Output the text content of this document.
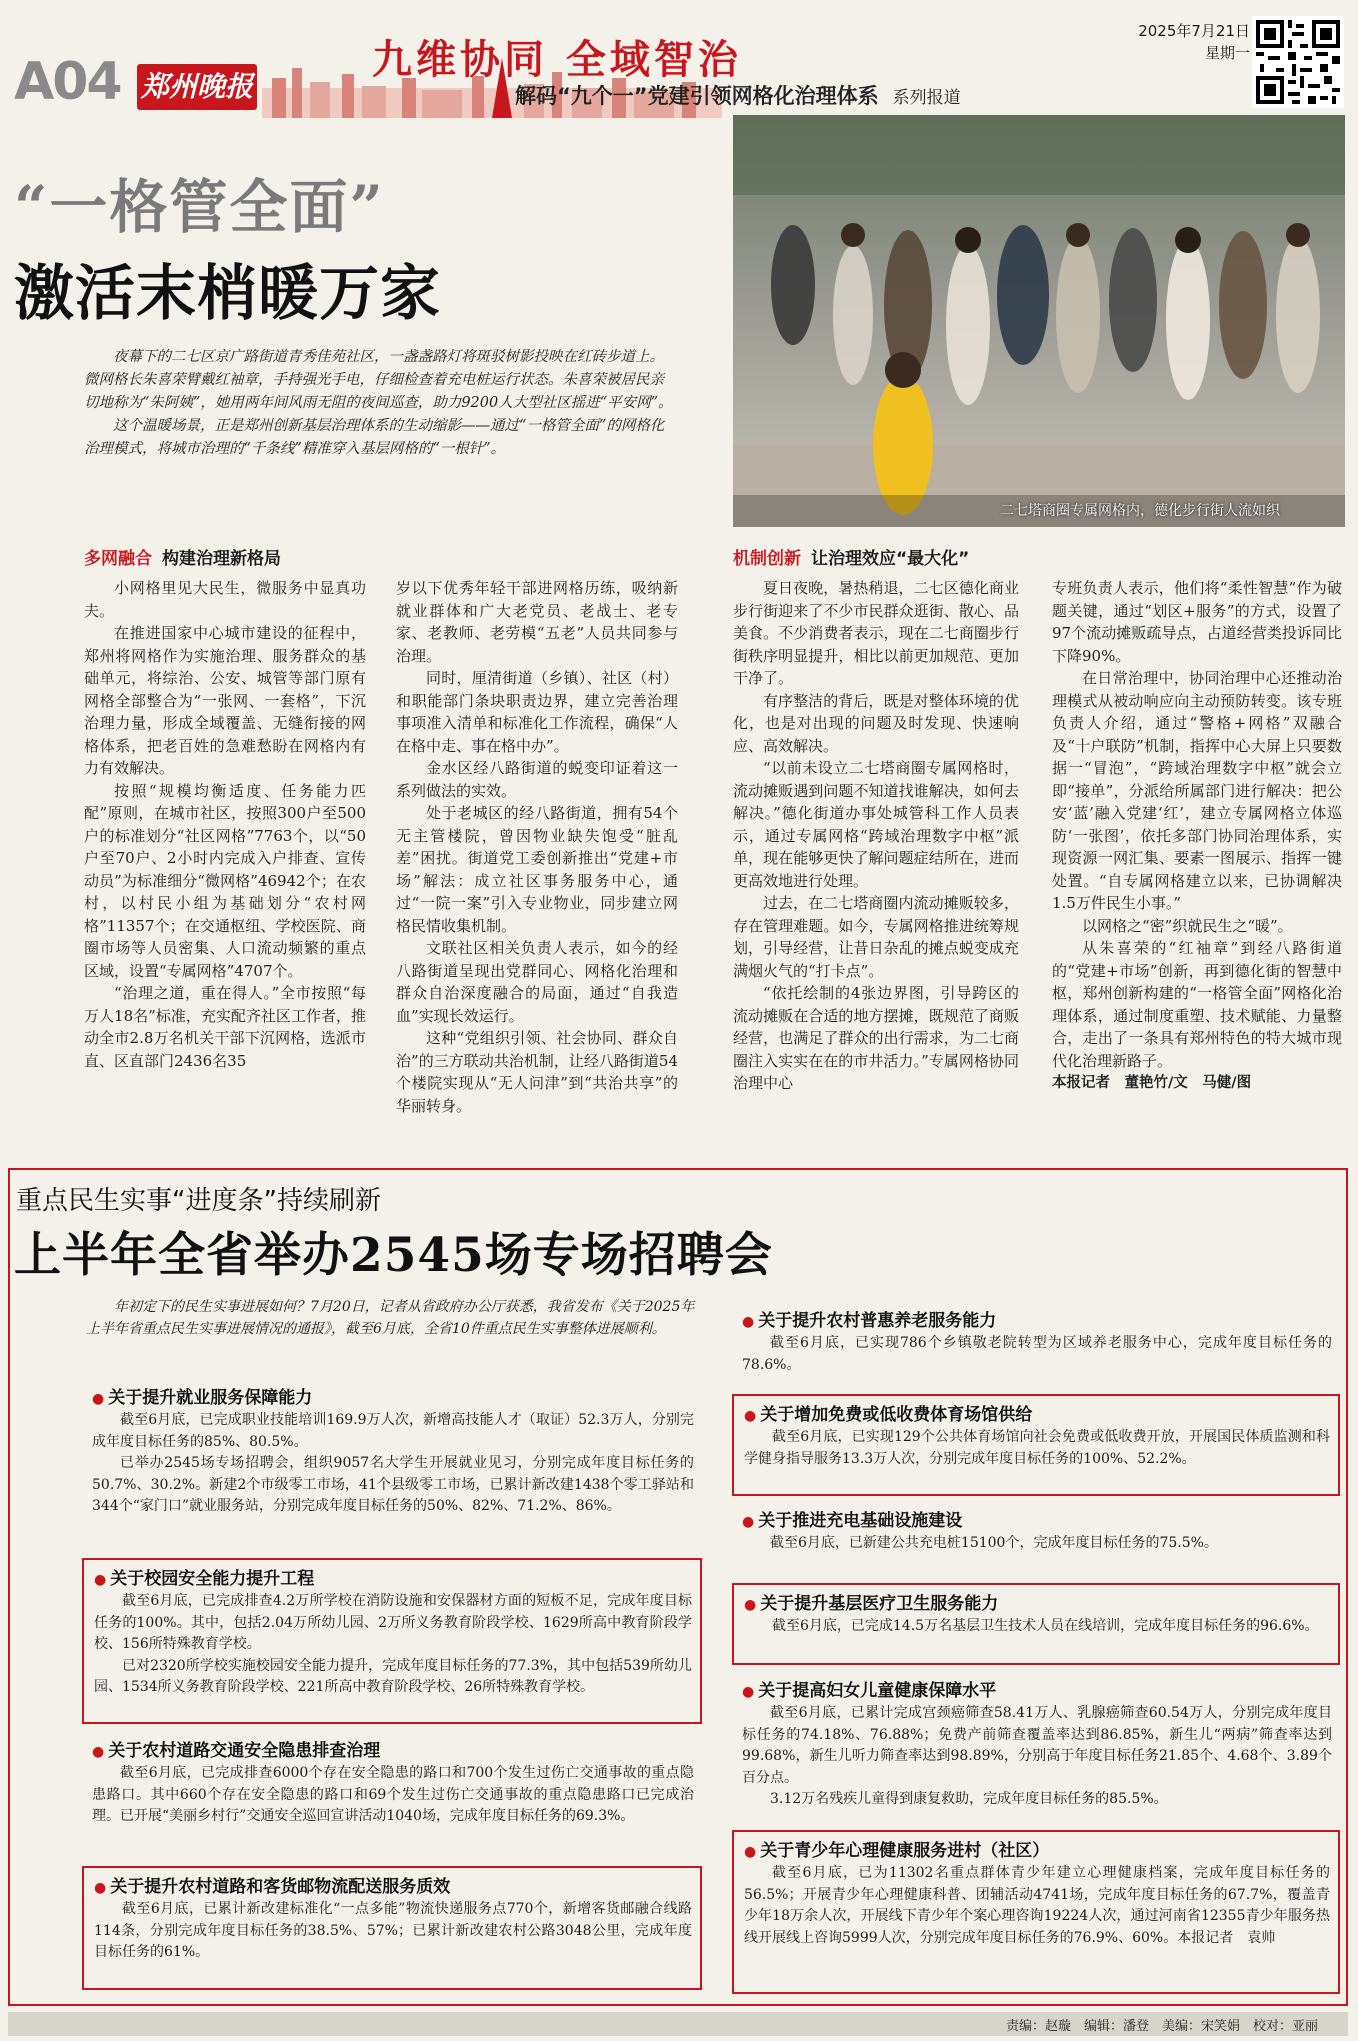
A04 郑州晚报
九维协同 全域智治
解码“九个一”党建引领网格化治理体系 系列报道
2025年7月21日
星期一
“一格管全面”
激活末梢暖万家

夜幕下的二七区京广路街道青秀佳苑社区，一盏盏路灯将斑驳树影投映在红砖步道上。微网格长朱喜荣臂戴红袖章，手持强光手电，仔细检查着充电桩运行状态。朱喜荣被居民亲切地称为“朱阿姨”，她用两年间风雨无阻的夜间巡查，助力9200人大型社区摇进“平安网”。

这个温暖场景，正是郑州创新基层治理体系的生动缩影——通过“一格管全面”的网格化治理模式，将城市治理的“千条线”精准穿入基层网格的“一根针”。

二七塔商圈专属网格内，德化步行街人流如织
多网融合 构建治理新格局	机制创新 让治理效应“最大化”

小网格里见大民生，微服务中显真功夫。

在推进国家中心城市建设的征程中，郑州将网格作为实施治理、服务群众的基础单元，将综治、公安、城管等部门原有网格全部整合为“一张网、一套格”，下沉治理力量，形成全域覆盖、无缝衔接的网格体系，把老百姓的急难愁盼在网格内有力有效解决。

按照“规模均衡适度、任务能力匹配”原则，在城市社区，按照300户至500户的标准划分“社区网格”7763个，以“50户至70户、2小时内完成入户排查、宣传动员”为标准细分“微网格”46942个；在农村，以村民小组为基础划分“农村网格”11357个；在交通枢纽、学校医院、商圈市场等人员密集、人口流动频繁的重点区域，设置“专属网格”4707个。

“治理之道，重在得人。”全市按照“每万人18名”标准，充实配齐社区工作者，推动全市2.8万名机关干部下沉网格，选派市直、区直部门2436名35

岁以下优秀年轻干部进网格历练，吸纳新就业群体和广大老党员、老战士、老专家、老教师、老劳模“五老”人员共同参与治理。

同时，厘清街道（乡镇）、社区（村）和职能部门条块职责边界，建立完善治理事项准入清单和标准化工作流程，确保“人在格中走、事在格中办”。

金水区经八路街道的蜕变印证着这一系列做法的实效。

处于老城区的经八路街道，拥有54个无主管楼院，曾因物业缺失饱受“脏乱差”困扰。街道党工委创新推出“党建+市场”解法：成立社区事务服务中心，通过“一院一案”引入专业物业，同步建立网格民情收集机制。

文联社区相关负责人表示，如今的经八路街道呈现出党群同心、网格化治理和群众自治深度融合的局面，通过“自我造血”实现长效运行。

这种“党组织引领、社会协同、群众自治”的三方联动共治机制，让经八路街道54个楼院实现从“无人问津”到“共治共享”的华丽转身。

夏日夜晚，暑热稍退，二七区德化商业步行街迎来了不少市民群众逛街、散心、品美食。不少消费者表示，现在二七商圈步行街秩序明显提升，相比以前更加规范、更加干净了。

有序整洁的背后，既是对整体环境的优化，也是对出现的问题及时发现、快速响应、高效解决。

“以前未设立二七塔商圈专属网格时，流动摊贩遇到问题不知道找谁解决，如何去解决。”德化街道办事处城管科工作人员表示，通过专属网格“跨域治理数字中枢”派单，现在能够更快了解问题症结所在，进而更高效地进行处理。

过去，在二七塔商圈内流动摊贩较多，存在管理难题。如今，专属网格推进统筹规划，引导经营，让昔日杂乱的摊点蜕变成充满烟火气的“打卡点”。

“依托绘制的4张边界图，引导跨区的流动摊贩在合适的地方摆摊，既规范了商贩经营，也满足了群众的出行需求，为二七商圈注入实实在在的市井活力。”专属网格协同治理中心

专班负责人表示，他们将“柔性智慧”作为破题关键，通过“划区+服务”的方式，设置了97个流动摊贩疏导点，占道经营类投诉同比下降90%。

在日常治理中，协同治理中心还推动治理模式从被动响应向主动预防转变。该专班负责人介绍，通过“警格+网格”双融合及“十户联防”机制，指挥中心大屏上只要数据一“冒泡”，“跨域治理数字中枢”就会立即“接单”，分派给所属部门进行解决：把公安‘蓝’融入党建‘红’，建立专属网格立体巡防‘一张图’，依托多部门协同治理体系，实现资源一网汇集、要素一图展示、指挥一键处置。“自专属网格建立以来，已协调解决1.5万件民生小事。”

以网格之“密”织就民生之“暖”。

从朱喜荣的“红袖章”到经八路街道的“党建+市场”创新，再到德化街的智慧中枢，郑州创新构建的“一格管全面”网格化治理体系，通过制度重塑、技术赋能、力量整合，走出了一条具有郑州特色的特大城市现代化治理新路子。

本报记者　董艳竹/文　马健/图
重点民生实事“进度条”持续刷新
上半年全省举办2545场专场招聘会

年初定下的民生实事进展如何？7月20日，记者从省政府办公厅获悉，我省发布《关于2025年上半年省重点民生实事进展情况的通报》，截至6月底，全省10件重点民生实事整体进展顺利。

● 关于提升就业服务保障能力

截至6月底，已完成职业技能培训169.9万人次，新增高技能人才（取证）52.3万人，分别完成年度目标任务的85%、80.5%。

已举办2545场专场招聘会，组织9057名大学生开展就业见习，分别完成年度目标任务的50.7%、30.2%。新建2个市级零工市场，41个县级零工市场，已累计新改建1438个零工驿站和344个“家门口”就业服务站，分别完成年度目标任务的50%、82%、71.2%、86%。

● 关于校园安全能力提升工程

截至6月底，已完成排查4.2万所学校在消防设施和安保器材方面的短板不足，完成年度目标任务的100%。其中，包括2.04万所幼儿园、2万所义务教育阶段学校、1629所高中教育阶段学校、156所特殊教育学校。

已对2320所学校实施校园安全能力提升，完成年度目标任务的77.3%，其中包括539所幼儿园、1534所义务教育阶段学校、221所高中教育阶段学校、26所特殊教育学校。

● 关于农村道路交通安全隐患排查治理

截至6月底，已完成排查6000个存在安全隐患的路口和700个发生过伤亡交通事故的重点隐患路口。其中660个存在安全隐患的路口和69个发生过伤亡交通事故的重点隐患路口已完成治理。已开展“美丽乡村行”交通安全巡回宣讲活动1040场，完成年度目标任务的69.3%。

● 关于提升农村道路和客货邮物流配送服务质效

截至6月底，已累计新改建标准化“一点多能”物流快递服务点770个，新增客货邮融合线路114条，分别完成年度目标任务的38.5%、57%；已累计新改建农村公路3048公里，完成年度目标任务的61%。

● 关于提升农村普惠养老服务能力

截至6月底，已实现786个乡镇敬老院转型为区域养老服务中心，完成年度目标任务的78.6%。

● 关于增加免费或低收费体育场馆供给

截至6月底，已实现129个公共体育场馆向社会免费或低收费开放，开展国民体质监测和科学健身指导服务13.3万人次，分别完成年度目标任务的100%、52.2%。

● 关于推进充电基础设施建设

截至6月底，已新建公共充电桩15100个，完成年度目标任务的75.5%。

● 关于提升基层医疗卫生服务能力

截至6月底，已完成14.5万名基层卫生技术人员在线培训，完成年度目标任务的96.6%。

● 关于提高妇女儿童健康保障水平

截至6月底，已累计完成宫颈癌筛查58.41万人、乳腺癌筛查60.54万人，分别完成年度目标任务的74.18%、76.88%；免费产前筛查覆盖率达到86.85%，新生儿“两病”筛查率达到99.68%，新生儿听力筛查率达到98.89%，分别高于年度目标任务21.85个、4.68个、3.89个百分点。

3.12万名残疾儿童得到康复救助，完成年度目标任务的85.5%。

● 关于青少年心理健康服务进村（社区）

截至6月底，已为11302名重点群体青少年建立心理健康档案，完成年度目标任务的56.5%；开展青少年心理健康科普、团辅活动4741场，完成年度目标任务的67.7%，覆盖青少年18万余人次，开展线下青少年个案心理咨询19224人次，通过河南省12355青少年服务热线开展线上咨询5999人次，分别完成年度目标任务的76.9%、60%。本报记者　袁帅

责编：赵璇　编辑：潘登　美编：宋笑娟　校对：亚丽
